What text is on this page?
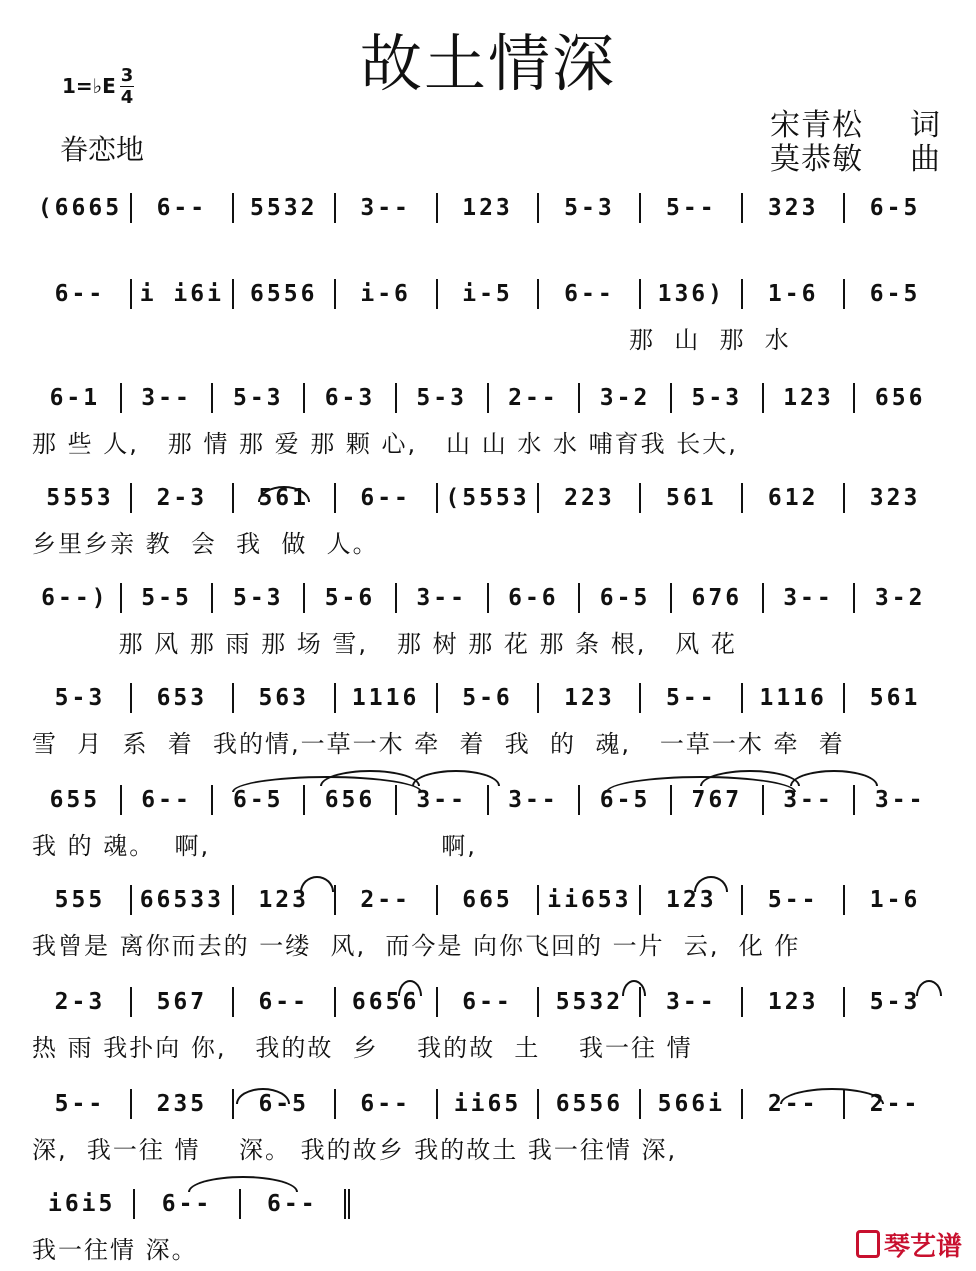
故土情深
1=♭E 3
4
眷恋地
宋青松 词
莫恭敏 曲
(6665	6--	5532	3--	123	5-3	5--	323	6-5
6--	i i6i	6556	i-6	i-5	6--	136)	1-6	6-5
那  山  那  水
6-1	3--	5-3	6-3	5-3	2--	3-2	5-3	123	656
那 些 人,   那 情 那 爱 那 颗 心,   山 山 水 水 哺育我 长大,
5553	2-3	561	6--	(5553	223	561	612	323
乡里乡亲 教  会  我  做  人。
6--)	5-5	5-3	5-6	3--	6-6	6-5	676	3--	3-2
那 风 那 雨 那 场 雪,   那 树 那 花 那 条 根,   风 花
5-3	653	563	1116	5-6	123	5--	1116	561
雪  月  系  着  我的情,一草一木 牵  着  我  的  魂,   一草一木 牵  着
655	6--	6-5	656	3--	3--	6-5	767	3--	3--
我 的 魂。  啊,                        啊,
555	66533	123	2--	665	ii653	123	5--	1-6
我曾是 离你而去的 一缕  风,  而今是 向你飞回的 一片  云,  化 作
2-3	567	6--	6656	6--	5532	3--	123	5-3
热 雨 我扑向 你,   我的故  乡    我的故  土    我一往 情
5--	235	6-5	6--	ii65	6556	566i	2--	2--
深,  我一往 情    深。 我的故乡 我的故土 我一往情 深,
i6i5	6--	6--
我一往情 深。	琴艺谱
